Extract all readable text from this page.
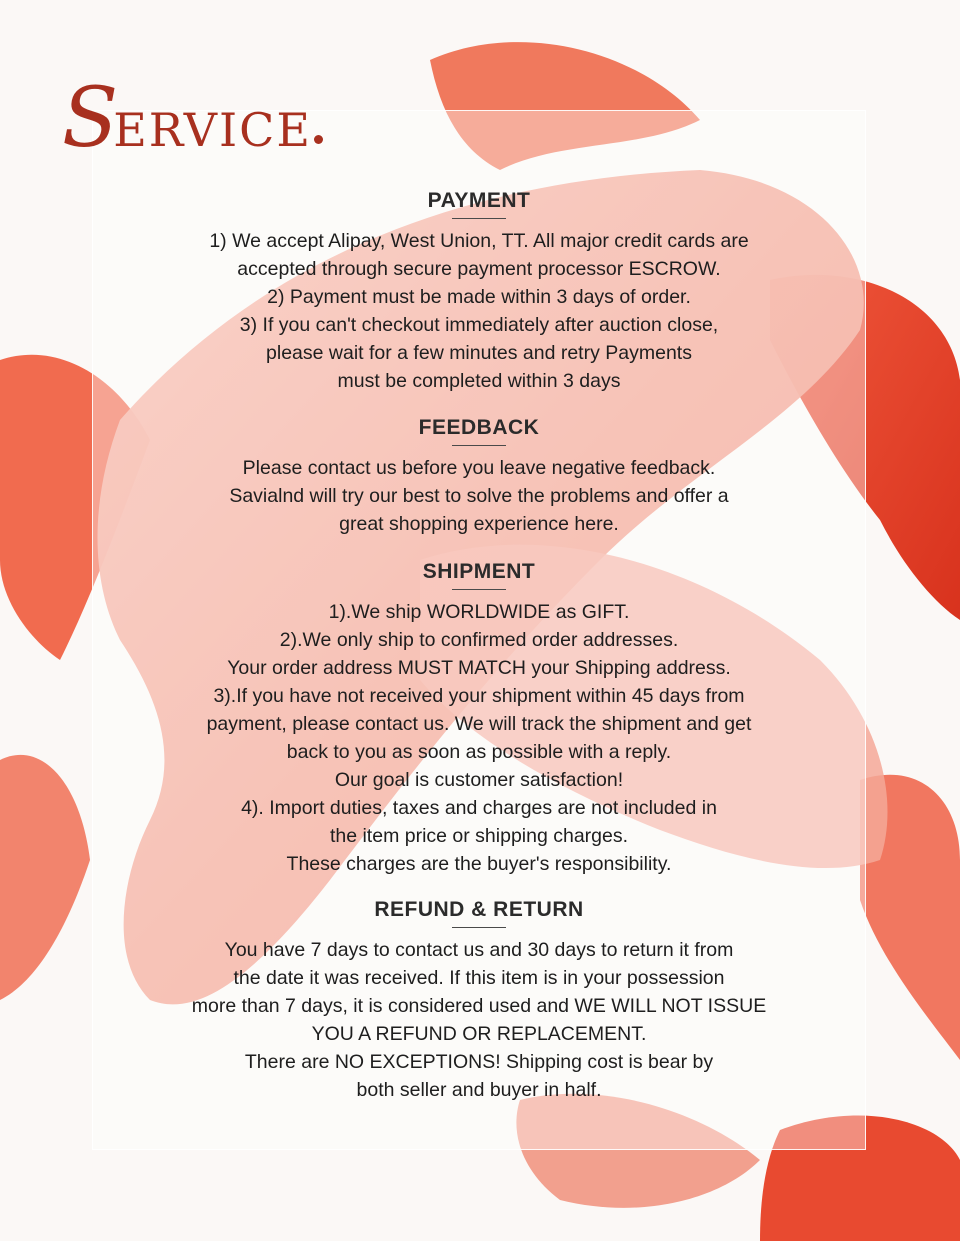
SERVICE
PAYMENT

1) We accept Alipay, West Union, TT. All major credit cards are
accepted through secure payment processor ESCROW.
2) Payment must be made within 3 days of order.
3) If you can't checkout immediately after auction close,
please wait for a few minutes and retry Payments
must be completed within 3 days

FEEDBACK

Please contact us before you leave negative feedback.
Savialnd will try our best to solve the problems and offer a
great shopping experience here.

SHIPMENT

1).We ship WORLDWIDE as GIFT.
2).We only ship to confirmed order addresses.
Your order address MUST MATCH your Shipping address.
3).If you have not received your shipment within 45 days from
payment, please contact us. We will track the shipment and get
back to you as soon as possible with a reply.
Our goal is customer satisfaction!
4). Import duties, taxes and charges are not included in
the item price or shipping charges.
These charges are the buyer's responsibility.

REFUND & RETURN

You have 7 days to contact us and 30 days to return it from
the date it was received. If this item is in your possession
more than 7 days, it is considered used and WE WILL NOT ISSUE
YOU A REFUND OR REPLACEMENT.
There are NO EXCEPTIONS! Shipping cost is bear by
both seller and buyer in half.
